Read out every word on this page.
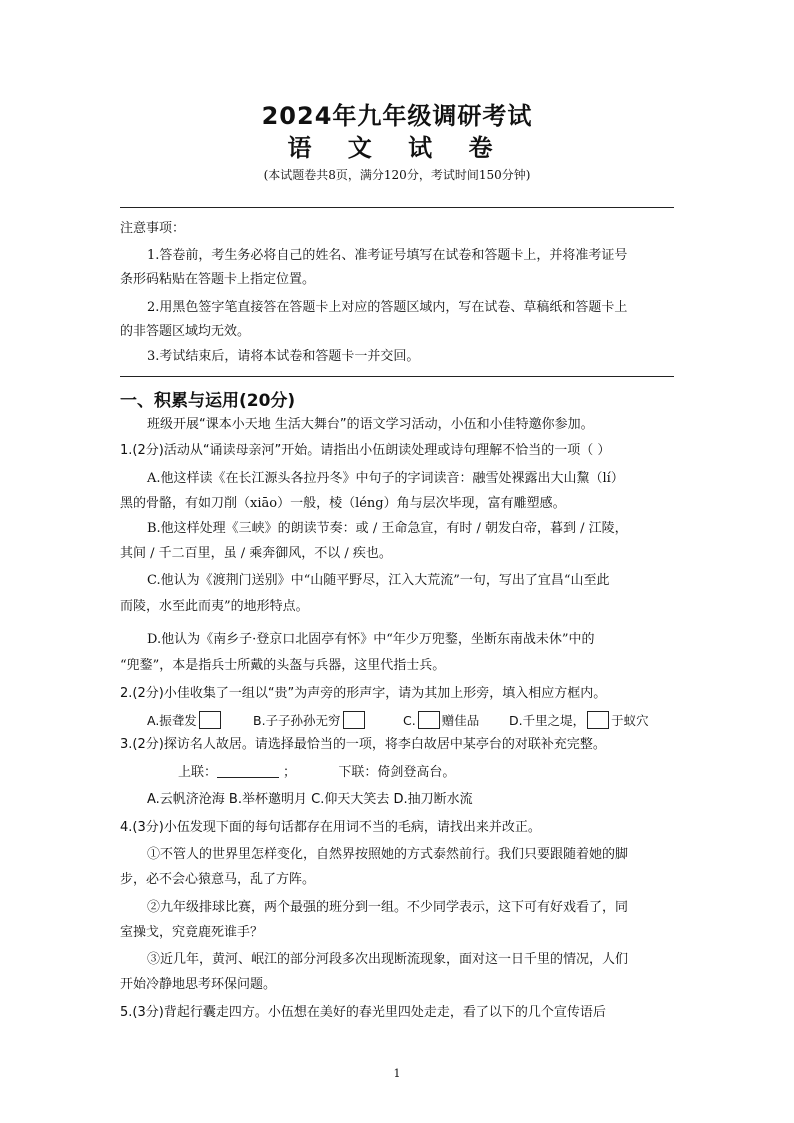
2024年九年级调研考试
语 文 试 卷
(本试题卷共8页，满分120分，考试时间150分钟)
注意事项：
1.答卷前，考生务必将自己的姓名、准考证号填写在试卷和答题卡上，并将准考证号
条形码粘贴在答题卡上指定位置。
2.用黑色签字笔直接答在答题卡上对应的答题区域内，写在试卷、草稿纸和答题卡上
的非答题区域均无效。
3.考试结束后，请将本试卷和答题卡一并交回。
一、积累与运用(20分)
班级开展“课本小天地 生活大舞台”的语文学习活动，小伍和小佳特邀你参加。
1.(2分)活动从“诵读母亲河”开始。请指出小伍朗读处理或诗句理解不恰当的一项（ ）
A.他这样读《在长江源头各拉丹冬》中句子的字词读音：融雪处裸露出大山黧（lí）
黑的骨骼，有如刀削（xiāo）一般，棱（léng）角与层次毕现，富有雕塑感。
B.他这样处理《三峡》的朗读节奏：或 / 王命急宣，有时 / 朝发白帝，暮到 / 江陵，
其间 / 千二百里，虽 / 乘奔御风，不以 / 疾也。
C.他认为《渡荆门送别》中“山随平野尽，江入大荒流”一句，写出了宜昌“山至此
而陵，水至此而夷”的地形特点。
D.他认为《南乡子·登京口北固亭有怀》中“年少万兜鍪，坐断东南战未休”中的
“兜鍪”，本是指兵士所戴的头盔与兵器，这里代指士兵。
2.(2分)小佳收集了一组以“贵”为声旁的形声字，请为其加上形旁，填入相应方框内。
A.振聋发	B.子子孙孙无穷	C. 赠佳品 D.千里之堤， 于蚁穴
3.(2分)探访名人故居。请选择最恰当的一项，将李白故居中某亭台的对联补充完整。
上联：	；	下联：倚剑登高台。
A.云帆济沧海 B.举杯邀明月 C.仰天大笑去 D.抽刀断水流
4.(3分)小伍发现下面的每句话都存在用词不当的毛病，请找出来并改正。
①不管人的世界里怎样变化，自然界按照她的方式泰然前行。我们只要跟随着她的脚
步，必不会心猿意马，乱了方阵。
②九年级排球比赛，两个最强的班分到一组。不少同学表示，这下可有好戏看了，同
室操戈，究竟鹿死谁手？
③近几年，黄河、岷江的部分河段多次出现断流现象，面对这一日千里的情况，人们
开始冷静地思考环保问题。
5.(3分)背起行囊走四方。小伍想在美好的春光里四处走走，看了以下的几个宣传语后
1
